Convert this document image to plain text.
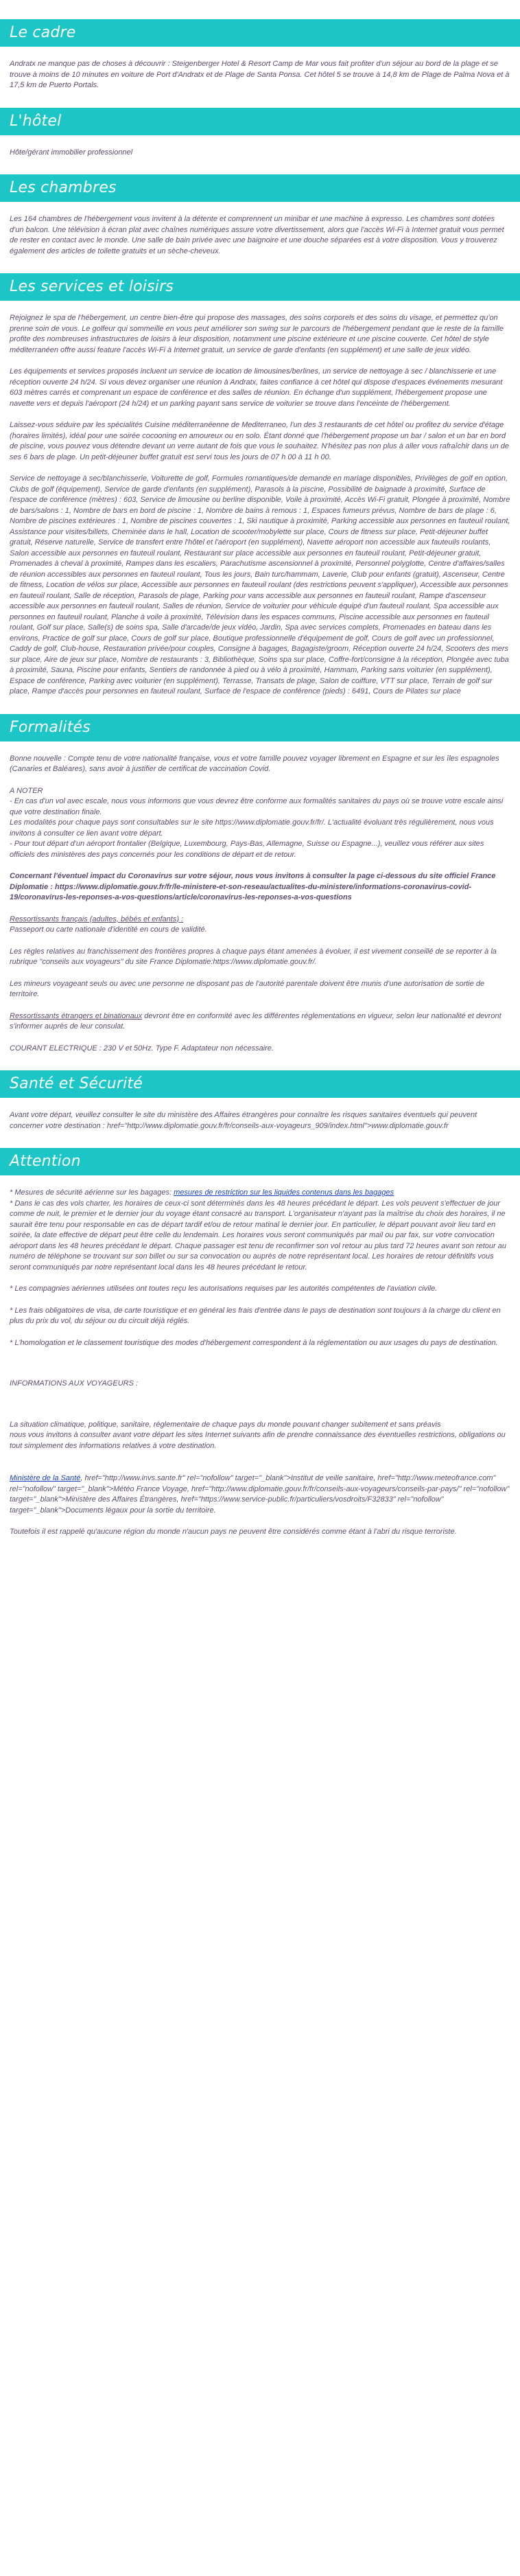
Le cadre

Andratx ne manque pas de choses à découvrir : Steigenberger Hotel & Resort Camp de Mar vous fait profiter d'un séjour au bord de la plage et se trouve à moins de 10 minutes en voiture de Port d'Andratx et de Plage de Santa Ponsa. Cet hôtel 5 se trouve à 14,8 km de Plage de Palma Nova et à 17,5 km de Puerto Portals.

L'hôtel

Hôte/gérant immobilier professionnel

Les chambres

Les 164 chambres de l'hébergement vous invitent à la détente et comprennent un minibar et une machine à expresso. Les chambres sont dotées d'un balcon. Une télévision à écran plat avec chaînes numériques assure votre divertissement, alors que l'accès Wi-Fi à Internet gratuit vous permet de rester en contact avec le monde. Une salle de bain privée avec une baignoire et une douche séparées est à votre disposition. Vous y trouverez également des articles de toilette gratuits et un sèche-cheveux.

Les services et loisirs

Rejoignez le spa de l'hébergement, un centre bien-être qui propose des massages, des soins corporels et des soins du visage, et permettez qu'on prenne soin de vous. Le golfeur qui sommeille en vous peut améliorer son swing sur le parcours de l'hébergement pendant que le reste de la famille profite des nombreuses infrastructures de loisirs à leur disposition, notamment une piscine extérieure et une piscine couverte. Cet hôtel de style méditerranéen offre aussi feature l'accès Wi-Fi à Internet gratuit, un service de garde d'enfants (en supplément) et une salle de jeux vidéo.

Les équipements et services proposés incluent un service de location de limousines/berlines, un service de nettoyage à sec / blanchisserie et une réception ouverte 24 h/24. Si vous devez organiser une réunion à Andratx, faites confiance à cet hôtel qui dispose d'espaces événements mesurant 603 mètres carrés et comprenant un espace de conférence et des salles de réunion. En échange d'un supplément, l'hébergement propose une navette vers et depuis l'aéroport (24 h/24) et un parking payant sans service de voiturier se trouve dans l'enceinte de l'hébergement.

Laissez-vous séduire par les spécialités Cuisine méditerranéenne de Mediterraneo, l'un des 3 restaurants de cet hôtel ou profitez du service d'étage (horaires limités), idéal pour une soirée cocooning en amoureux ou en solo. Étant donné que l'hébergement propose un bar / salon et un bar en bord de piscine, vous pouvez vous détendre devant un verre autant de fois que vous le souhaitez. N'hésitez pas non plus à aller vous rafraîchir dans un de ses 6 bars de plage. Un petit-déjeuner buffet gratuit est servi tous les jours de 07 h 00 à 11 h 00.

Service de nettoyage à sec/blanchisserie, Voiturette de golf, Formules romantiques/de demande en mariage disponibles, Privilèges de golf en option, Clubs de golf (équipement), Service de garde d'enfants (en supplément), Parasols à la piscine, Possibilité de baignade à proximité, Surface de l'espace de conférence (mètres) : 603, Service de limousine ou berline disponible, Voile à proximité, Accès Wi-Fi gratuit, Plongée à proximité, Nombre de bars/salons : 1, Nombre de bars en bord de piscine : 1, Nombre de bains à remous : 1, Espaces fumeurs prévus, Nombre de bars de plage : 6, Nombre de piscines extérieures : 1, Nombre de piscines couvertes : 1, Ski nautique à proximité, Parking accessible aux personnes en fauteuil roulant, Assistance pour visites/billets, Cheminée dans le hall, Location de scooter/mobylette sur place, Cours de fitness sur place, Petit-déjeuner buffet gratuit, Réserve naturelle, Service de transfert entre l'hôtel et l'aéroport (en supplément), Navette aéroport non accessible aux fauteuils roulants, Salon accessible aux personnes en fauteuil roulant, Restaurant sur place accessible aux personnes en fauteuil roulant, Petit-déjeuner gratuit, Promenades à cheval à proximité, Rampes dans les escaliers, Parachutisme ascensionnel à proximité, Personnel polyglotte, Centre d'affaires/salles de réunion accessibles aux personnes en fauteuil roulant, Tous les jours, Bain turc/hammam, Laverie, Club pour enfants (gratuit), Ascenseur, Centre de fitness, Location de vélos sur place, Accessible aux personnes en fauteuil roulant (des restrictions peuvent s'appliquer), Accessible aux personnes en fauteuil roulant, Salle de réception, Parasols de plage, Parking pour vans accessible aux personnes en fauteuil roulant, Rampe d'ascenseur accessible aux personnes en fauteuil roulant, Salles de réunion, Service de voiturier pour véhicule équipé d'un fauteuil roulant, Spa accessible aux personnes en fauteuil roulant, Planche à voile à proximité, Télévision dans les espaces communs, Piscine accessible aux personnes en fauteuil roulant, Golf sur place, Salle(s) de soins spa, Salle d'arcade/de jeux vidéo, Jardin, Spa avec services complets, Promenades en bateau dans les environs, Practice de golf sur place, Cours de golf sur place, Boutique professionnelle d'équipement de golf, Cours de golf avec un professionnel, Caddy de golf, Club-house, Restauration privée/pour couples, Consigne à bagages, Bagagiste/groom, Réception ouverte 24 h/24, Scooters des mers sur place, Aire de jeux sur place, Nombre de restaurants : 3, Bibliothèque, Soins spa sur place, Coffre-fort/consigne à la réception, Plongée avec tuba à proximité, Sauna, Piscine pour enfants, Sentiers de randonnée à pied ou à vélo à proximité, Hammam, Parking sans voiturier (en supplément), Espace de conférence, Parking avec voiturier (en supplément), Terrasse, Transats de plage, Salon de coiffure, VTT sur place, Terrain de golf sur place, Rampe d'accès pour personnes en fauteuil roulant, Surface de l'espace de conférence (pieds) : 6491, Cours de Pilates sur place

Formalités

Bonne nouvelle : Compte tenu de votre nationalité française, vous et votre famille pouvez voyager librement en Espagne et sur les îles espagnoles (Canaries et Baléares), sans avoir à justifier de certificat de vaccination Covid.

A NOTER
- En cas d'un vol avec escale, nous vous informons que vous devrez être conforme aux formalités sanitaires du pays où se trouve votre escale ainsi que votre destination finale.
Les modalités pour chaque pays sont consultables sur le site https://www.diplomatie.gouv.fr/fr/. L'actualité évoluant très régulièrement, nous vous invitons à consulter ce lien avant votre départ.
- Pour tout départ d'un aéroport frontalier (Belgique, Luxembourg, Pays-Bas, Allemagne, Suisse ou Espagne...), veuillez vous référer aux sites officiels des ministères des pays concernés pour les conditions de départ et de retour.

Concernant l'éventuel impact du Coronavirus sur votre séjour, nous vous invitons à consulter la page ci-dessous du site officiel France Diplomatie : https://www.diplomatie.gouv.fr/fr/le-ministere-et-son-reseau/actualites-du-ministere/informations-coronavirus-covid-19/coronavirus-les-reponses-a-vos-questions/article/coronavirus-les-reponses-a-vos-questions

Ressortissants français (adultes, bébés et enfants) :
Passeport ou carte nationale d'identité en cours de validité.

Les règles relatives au franchissement des frontières propres à chaque pays étant amenées à évoluer, il est vivement conseillé de se reporter à la rubrique "conseils aux voyageurs" du site France Diplomatie:https://www.diplomatie.gouv.fr/.

Les mineurs voyageant seuls ou avec une personne ne disposant pas de l'autorité parentale doivent être munis d'une autorisation de sortie de territoire.

Ressortissants étrangers et binationaux devront être en conformité avec les différentes réglementations en vigueur, selon leur nationalité et devront s'informer auprès de leur consulat.

COURANT ELECTRIQUE : 230 V et 50Hz. Type F. Adaptateur non nécessaire.

Santé et Sécurité

Avant votre départ, veuillez consulter le site du ministère des Affaires étrangères pour connaître les risques sanitaires éventuels qui peuvent concerner votre destination : href="http://www.diplomatie.gouv.fr/fr/conseils-aux-voyageurs_909/index.html">www.diplomatie.gouv.fr

Attention

* Mesures de sécurité aérienne sur les bagages: mesures de restriction sur les liquides contenus dans les bagages
* Dans le cas des vols charter, les horaires de ceux-ci sont déterminés dans les 48 heures précédant le départ. Les vols peuvent s'effectuer de jour comme de nuit, le premier et le dernier jour du voyage étant consacré au transport. L'organisateur n'ayant pas la maîtrise du choix des horaires, il ne saurait être tenu pour responsable en cas de départ tardif et/ou de retour matinal le dernier jour. En particulier, le départ pouvant avoir lieu tard en soirée, la date effective de départ peut être celle du lendemain. Les horaires vous seront communiqués par mail ou par fax, sur votre convocation aéroport dans les 48 heures précédant le départ. Chaque passager est tenu de reconfirmer son vol retour au plus tard 72 heures avant son retour au numéro de téléphone se trouvant sur son billet ou sur sa convocation ou auprès de notre représentant local. Les horaires de retour définitifs vous seront communiqués par notre représentant local dans les 48 heures précédant le retour.

* Les compagnies aériennes utilisées ont toutes reçu les autorisations requises par les autorités compétentes de l'aviation civile.

* Les frais obligatoires de visa, de carte touristique et en général les frais d'entrée dans le pays de destination sont toujours à la charge du client en plus du prix du vol, du séjour ou du circuit déjà réglés.

* L'homologation et le classement touristique des modes d'hébergement correspondent à la réglementation ou aux usages du pays de destination.

INFORMATIONS AUX VOYAGEURS :

La situation climatique, politique, sanitaire, réglementaire de chaque pays du monde pouvant changer subitement et sans préavis
nous vous invitons à consulter avant votre départ les sites Internet suivants afin de prendre connaissance des éventuelles restrictions, obligations ou tout simplement des informations relatives à votre destination.

Ministère de la Santé, href="http://www.invs.sante.fr" rel="nofollow" target="_blank">Institut de veille sanitaire, href="http://www.meteofrance.com" rel="nofollow" target="_blank">Météo France Voyage, href="http://www.diplomatie.gouv.fr/fr/conseils-aux-voyageurs/conseils-par-pays/" rel="nofollow" target="_blank">Ministère des Affaires Étrangères, href="https://www.service-public.fr/particuliers/vosdroits/F32833" rel="nofollow" target="_blank">Documents légaux pour la sortie du territoire.

Toutefois il est rappelé qu'aucune région du monde n'aucun pays ne peuvent être considérés comme étant à l'abri du risque terroriste.
